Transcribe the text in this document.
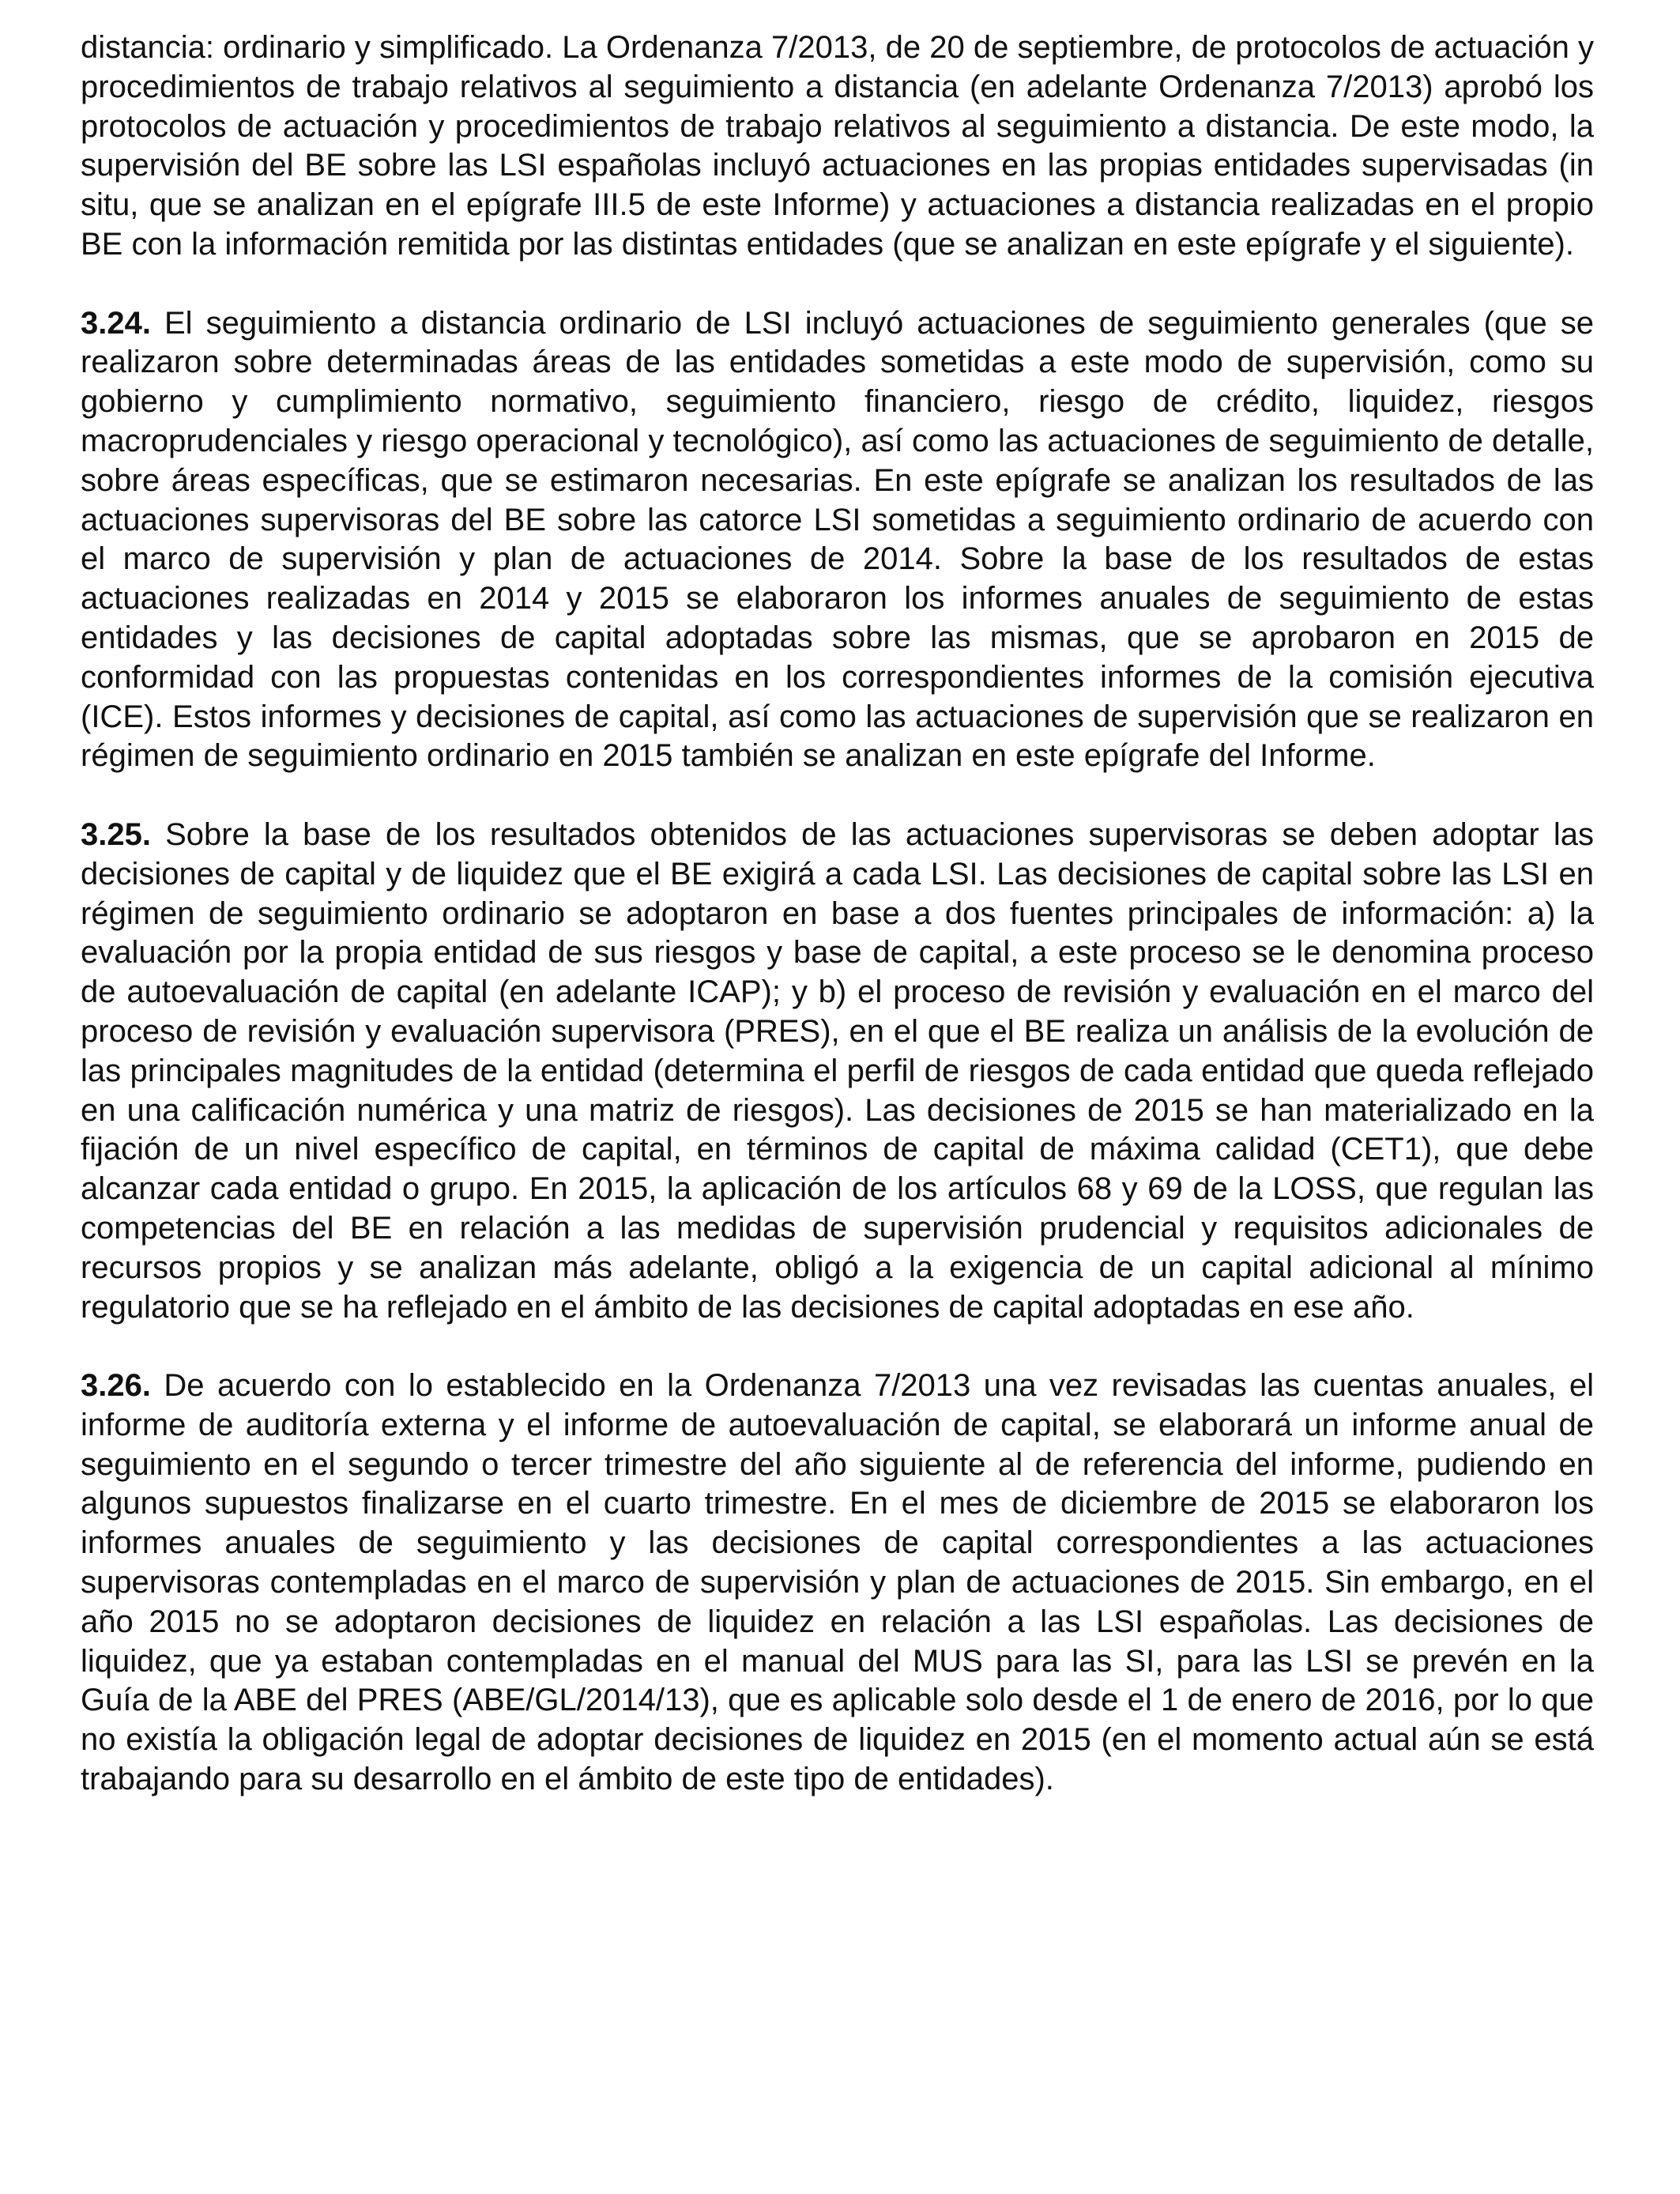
distancia: ordinario y simplificado. La Ordenanza 7/2013, de 20 de septiembre, de protocolos de actuación y procedimientos de trabajo relativos al seguimiento a distancia (en adelante Ordenanza 7/2013) aprobó los protocolos de actuación y procedimientos de trabajo relativos al seguimiento a distancia. De este modo, la supervisión del BE sobre las LSI españolas incluyó actuaciones en las propias entidades supervisadas (in situ, que se analizan en el epígrafe III.5 de este Informe) y actuaciones a distancia realizadas en el propio BE con la información remitida por las distintas entidades (que se analizan en este epígrafe y el siguiente).

3.24. El seguimiento a distancia ordinario de LSI incluyó actuaciones de seguimiento generales (que se realizaron sobre determinadas áreas de las entidades sometidas a este modo de supervisión, como su gobierno y cumplimiento normativo, seguimiento financiero, riesgo de crédito, liquidez, riesgos macroprudenciales y riesgo operacional y tecnológico), así como las actuaciones de seguimiento de detalle, sobre áreas específicas, que se estimaron necesarias. En este epígrafe se analizan los resultados de las actuaciones supervisoras del BE sobre las catorce LSI sometidas a seguimiento ordinario de acuerdo con el marco de supervisión y plan de actuaciones de 2014. Sobre la base de los resultados de estas actuaciones realizadas en 2014 y 2015 se elaboraron los informes anuales de seguimiento de estas entidades y las decisiones de capital adoptadas sobre las mismas, que se aprobaron en 2015 de conformidad con las propuestas contenidas en los correspondientes informes de la comisión ejecutiva (ICE). Estos informes y decisiones de capital, así como las actuaciones de supervisión que se realizaron en régimen de seguimiento ordinario en 2015 también se analizan en este epígrafe del Informe.

3.25. Sobre la base de los resultados obtenidos de las actuaciones supervisoras se deben adoptar las decisiones de capital y de liquidez que el BE exigirá a cada LSI. Las decisiones de capital sobre las LSI en régimen de seguimiento ordinario se adoptaron en base a dos fuentes principales de información: a) la evaluación por la propia entidad de sus riesgos y base de capital, a este proceso se le denomina proceso de autoevaluación de capital (en adelante ICAP); y b) el proceso de revisión y evaluación en el marco del proceso de revisión y evaluación supervisora (PRES), en el que el BE realiza un análisis de la evolución de las principales magnitudes de la entidad (determina el perfil de riesgos de cada entidad que queda reflejado en una calificación numérica y una matriz de riesgos). Las decisiones de 2015 se han materializado en la fijación de un nivel específico de capital, en términos de capital de máxima calidad (CET1), que debe alcanzar cada entidad o grupo. En 2015, la aplicación de los artículos 68 y 69 de la LOSS, que regulan las competencias del BE en relación a las medidas de supervisión prudencial y requisitos adicionales de recursos propios y se analizan más adelante, obligó a la exigencia de un capital adicional al mínimo regulatorio que se ha reflejado en el ámbito de las decisiones de capital adoptadas en ese año.

3.26. De acuerdo con lo establecido en la Ordenanza 7/2013 una vez revisadas las cuentas anuales, el informe de auditoría externa y el informe de autoevaluación de capital, se elaborará un informe anual de seguimiento en el segundo o tercer trimestre del año siguiente al de referencia del informe, pudiendo en algunos supuestos finalizarse en el cuarto trimestre. En el mes de diciembre de 2015 se elaboraron los informes anuales de seguimiento y las decisiones de capital correspondientes a las actuaciones supervisoras contempladas en el marco de supervisión y plan de actuaciones de 2015. Sin embargo, en el año 2015 no se adoptaron decisiones de liquidez en relación a las LSI españolas. Las decisiones de liquidez, que ya estaban contempladas en el manual del MUS para las SI, para las LSI se prevén en la Guía de la ABE del PRES (ABE/GL/2014/13), que es aplicable solo desde el 1 de enero de 2016, por lo que no existía la obligación legal de adoptar decisiones de liquidez en 2015 (en el momento actual aún se está trabajando para su desarrollo en el ámbito de este tipo de entidades).
